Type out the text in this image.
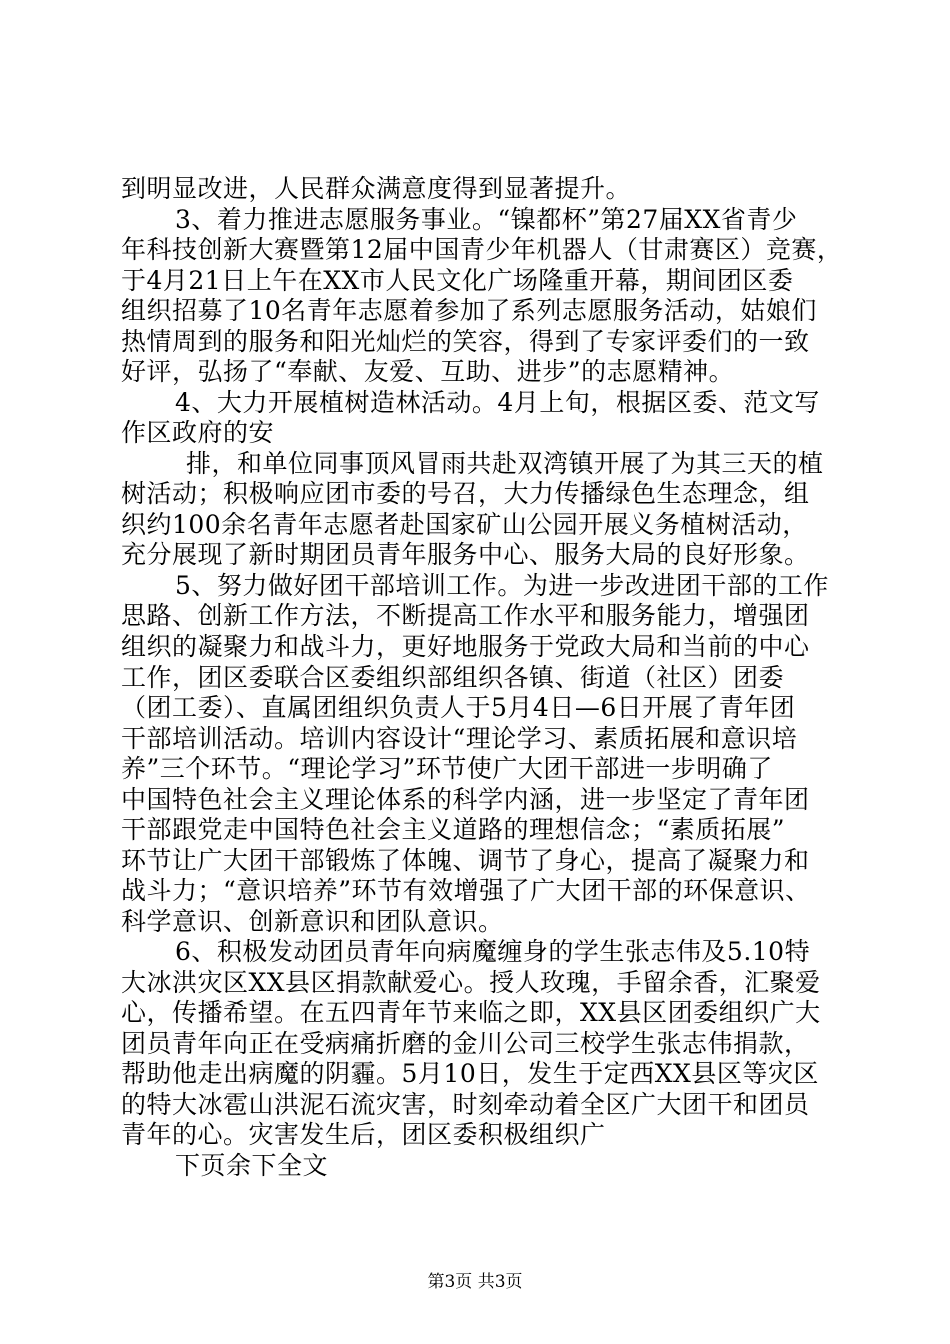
到明显改进，人民群众满意度得到显著提升。
3、着力推进志愿服务事业。“镍都杯”第27届XX省青少
年科技创新大赛暨第12届中国青少年机器人（甘肃赛区）竞赛，
于4月21日上午在XX市人民文化广场隆重开幕，期间团区委
组织招募了10名青年志愿着参加了系列志愿服务活动，姑娘们
热情周到的服务和阳光灿烂的笑容，得到了专家评委们的一致
好评，弘扬了“奉献、友爱、互助、进步”的志愿精神。
4、大力开展植树造林活动。4月上旬，根据区委、范文写
作区政府的安
排，和单位同事顶风冒雨共赴双湾镇开展了为其三天的植
树活动；积极响应团市委的号召，大力传播绿色生态理念，组
织约100余名青年志愿者赴国家矿山公园开展义务植树活动，
充分展现了新时期团员青年服务中心、服务大局的良好形象。
5、努力做好团干部培训工作。为进一步改进团干部的工作
思路、创新工作方法，不断提高工作水平和服务能力，增强团
组织的凝聚力和战斗力，更好地服务于党政大局和当前的中心
工作，团区委联合区委组织部组织各镇、街道（社区）团委
（团工委）、直属团组织负责人于5月4日—6日开展了青年团
干部培训活动。培训内容设计“理论学习、素质拓展和意识培
养”三个环节。“理论学习”环节使广大团干部进一步明确了
中国特色社会主义理论体系的科学内涵，进一步坚定了青年团
干部跟党走中国特色社会主义道路的理想信念；“素质拓展”
环节让广大团干部锻炼了体魄、调节了身心，提高了凝聚力和
战斗力；“意识培养”环节有效增强了广大团干部的环保意识、
科学意识、创新意识和团队意识。
6、积极发动团员青年向病魔缠身的学生张志伟及5.10特
大冰洪灾区XX县区捐款献爱心。授人玫瑰，手留余香，汇聚爱
心，传播希望。在五四青年节来临之即，XX县区团委组织广大
团员青年向正在受病痛折磨的金川公司三校学生张志伟捐款，
帮助他走出病魔的阴霾。5月10日，发生于定西XX县区等灾区
的特大冰雹山洪泥石流灾害，时刻牵动着全区广大团干和团员
青年的心。灾害发生后，团区委积极组织广
下页余下全文
第3页 共3页
